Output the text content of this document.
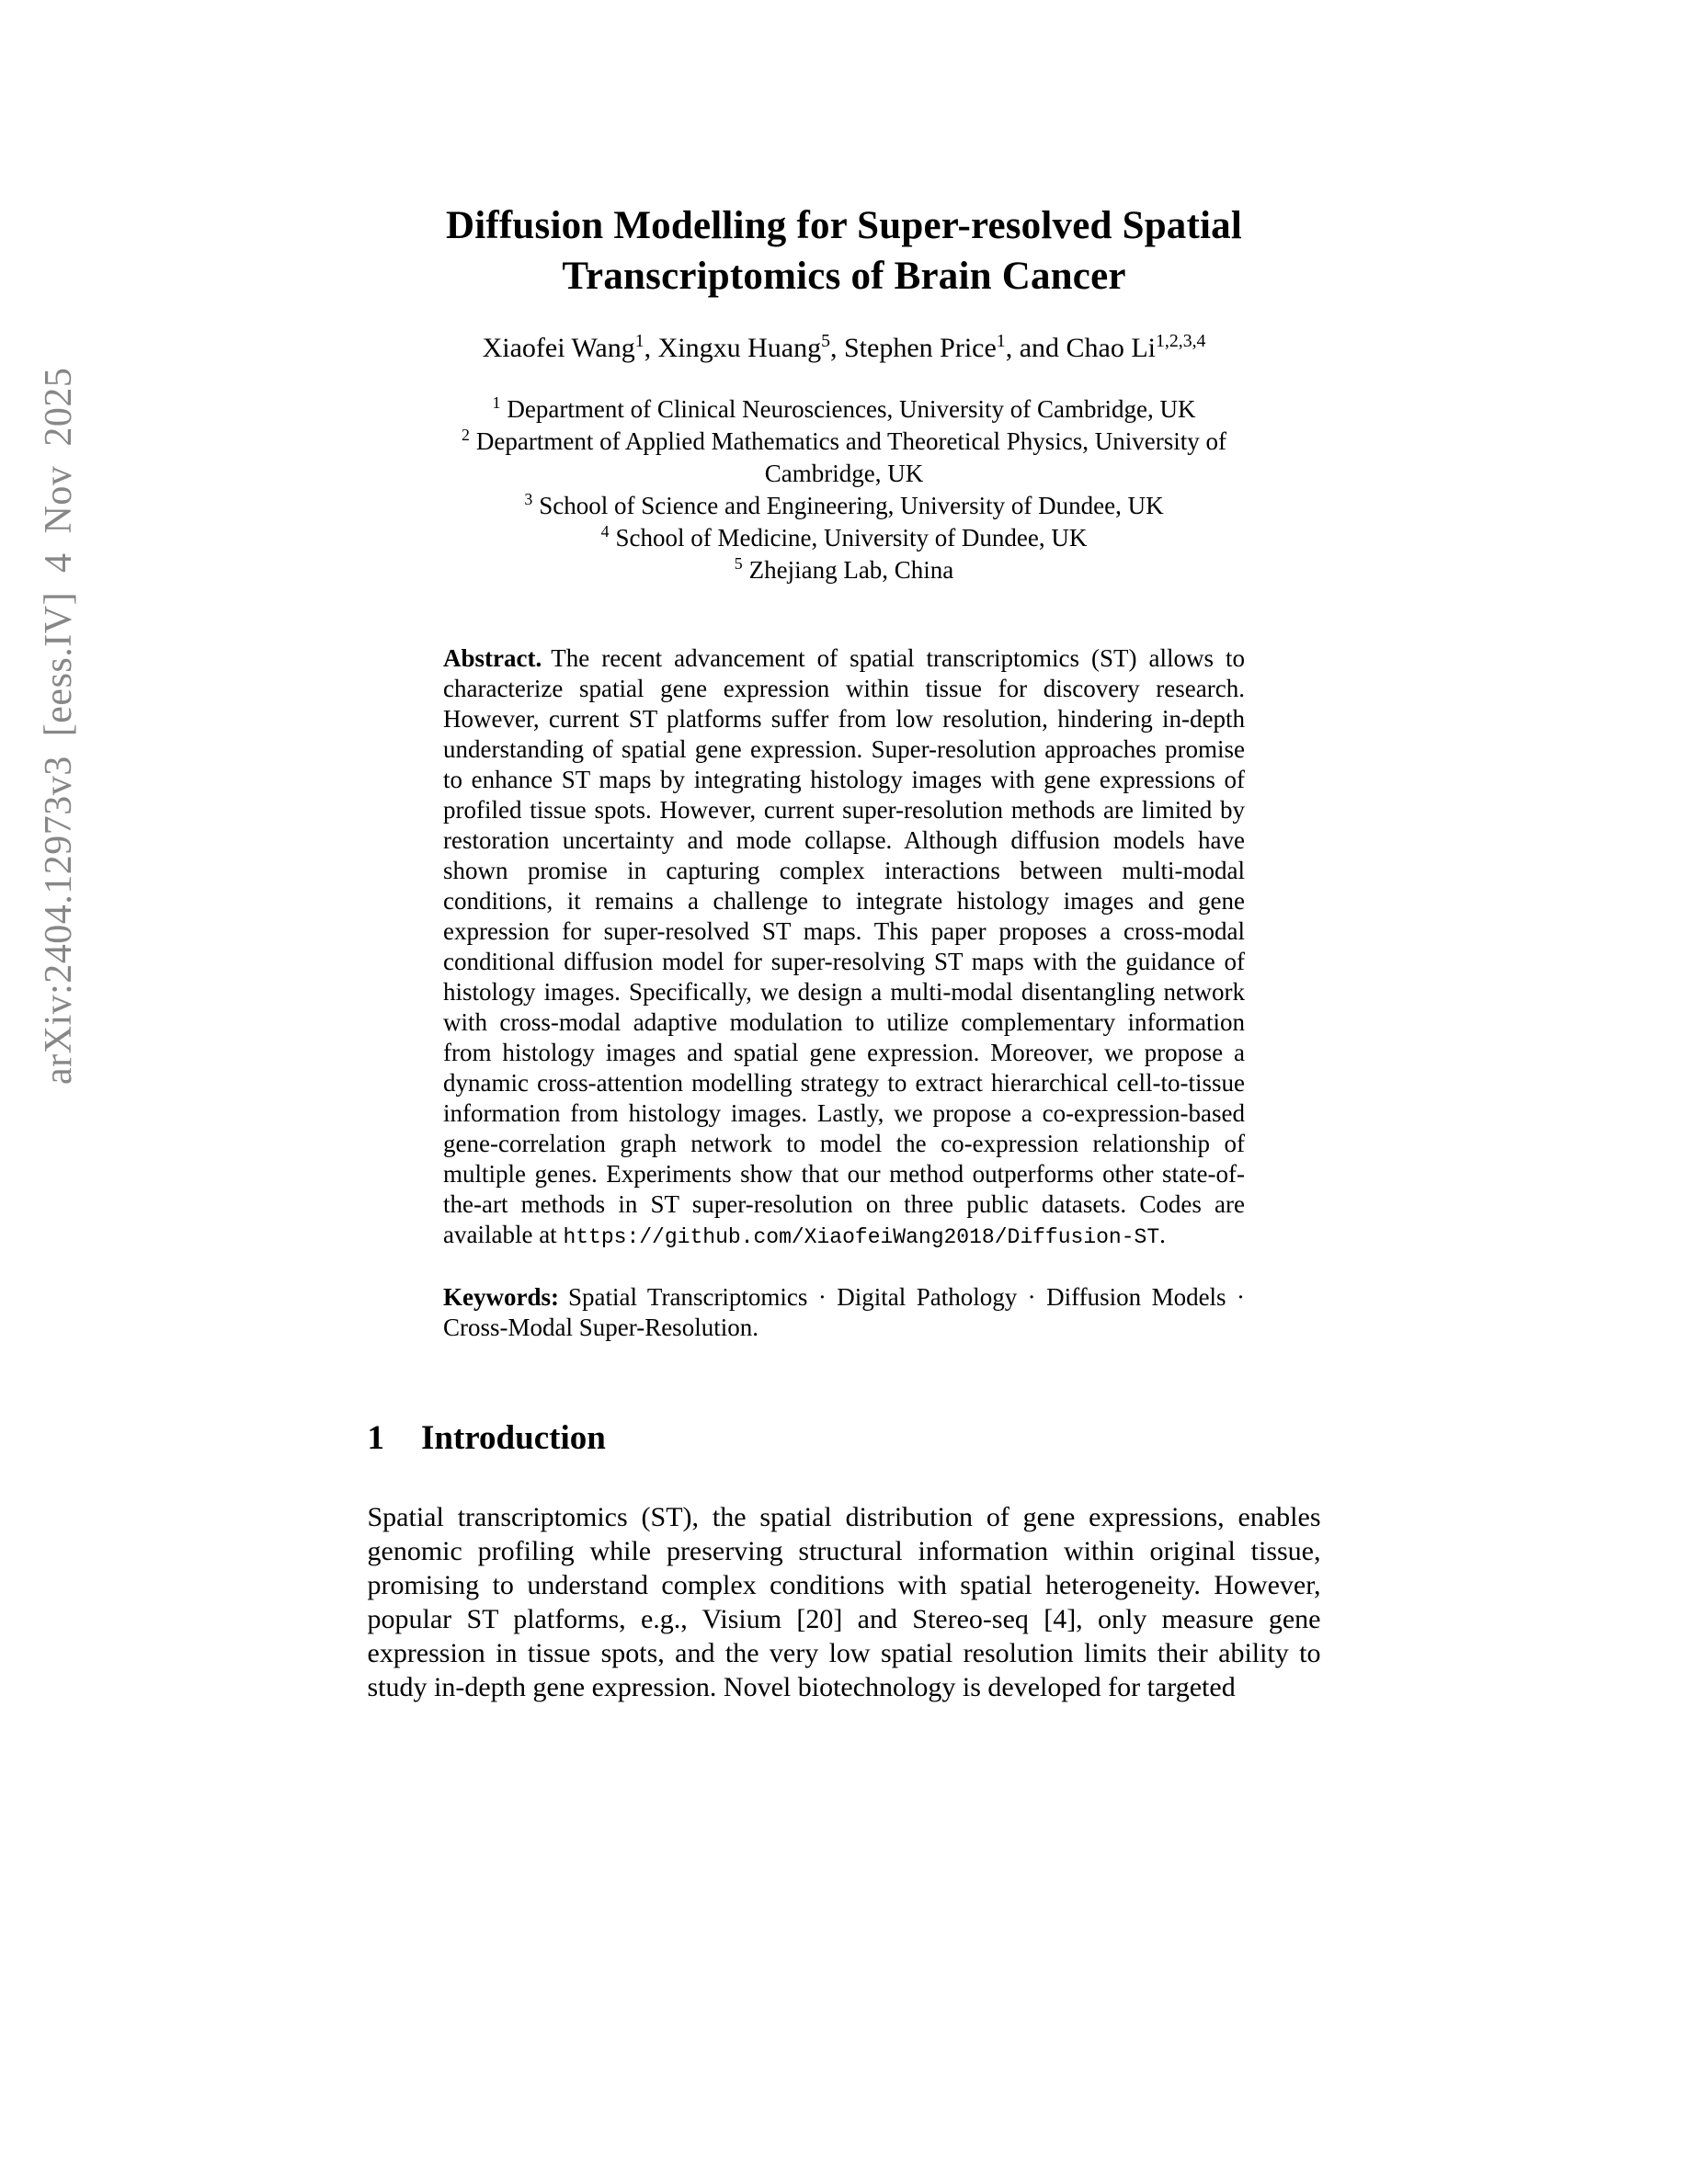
arXiv:2404.12973v3 [eess.IV] 4 Nov 2025
Diffusion Modelling for Super-resolved Spatial
Transcriptomics of Brain Cancer
Xiaofei Wang$^1$, Xingxu Huang$^5$, Stephen Price$^1$, and Chao Li$^{1,2,3,4}$
$^1$ Department of Clinical Neurosciences, University of Cambridge, UK
$^2$ Department of Applied Mathematics and Theoretical Physics, University of Cambridge, UK
$^3$ School of Science and Engineering, University of Dundee, UK
$^4$ School of Medicine, University of Dundee, UK
$^5$ Zhejiang Lab, China
Abstract. The recent advancement of spatial transcriptomics (ST) allows to characterize spatial gene expression within tissue for discovery research. However, current ST platforms suffer from low resolution, hindering in-depth understanding of spatial gene expression. Super-resolution approaches promise to enhance ST maps by integrating histology images with gene expressions of profiled tissue spots. However, current super-resolution methods are limited by restoration uncertainty and mode collapse. Although diffusion models have shown promise in capturing complex interactions between multi-modal conditions, it remains a challenge to integrate histology images and gene expression for super-resolved ST maps. This paper proposes a cross-modal conditional diffusion model for super-resolving ST maps with the guidance of histology images. Specifically, we design a multi-modal disentangling network with cross-modal adaptive modulation to utilize complementary information from histology images and spatial gene expression. Moreover, we propose a dynamic cross-attention modelling strategy to extract hierarchical cell-to-tissue information from histology images. Lastly, we propose a co-expression-based gene-correlation graph network to model the co-expression relationship of multiple genes. Experiments show that our method outperforms other state-of-the-art methods in ST super-resolution on three public datasets. Codes are available at https://github.com/XiaofeiWang2018/Diffusion-ST.
Keywords: Spatial Transcriptomics · Digital Pathology · Diffusion Models · Cross-Modal Super-Resolution.
1 Introduction

Spatial transcriptomics (ST), the spatial distribution of gene expressions, enables genomic profiling while preserving structural information within original tissue, promising to understand complex conditions with spatial heterogeneity. However, popular ST platforms, e.g., Visium [20] and Stereo-seq [4], only measure gene expression in tissue spots, and the very low spatial resolution limits their ability to study in-depth gene expression. Novel biotechnology is developed for targeted
